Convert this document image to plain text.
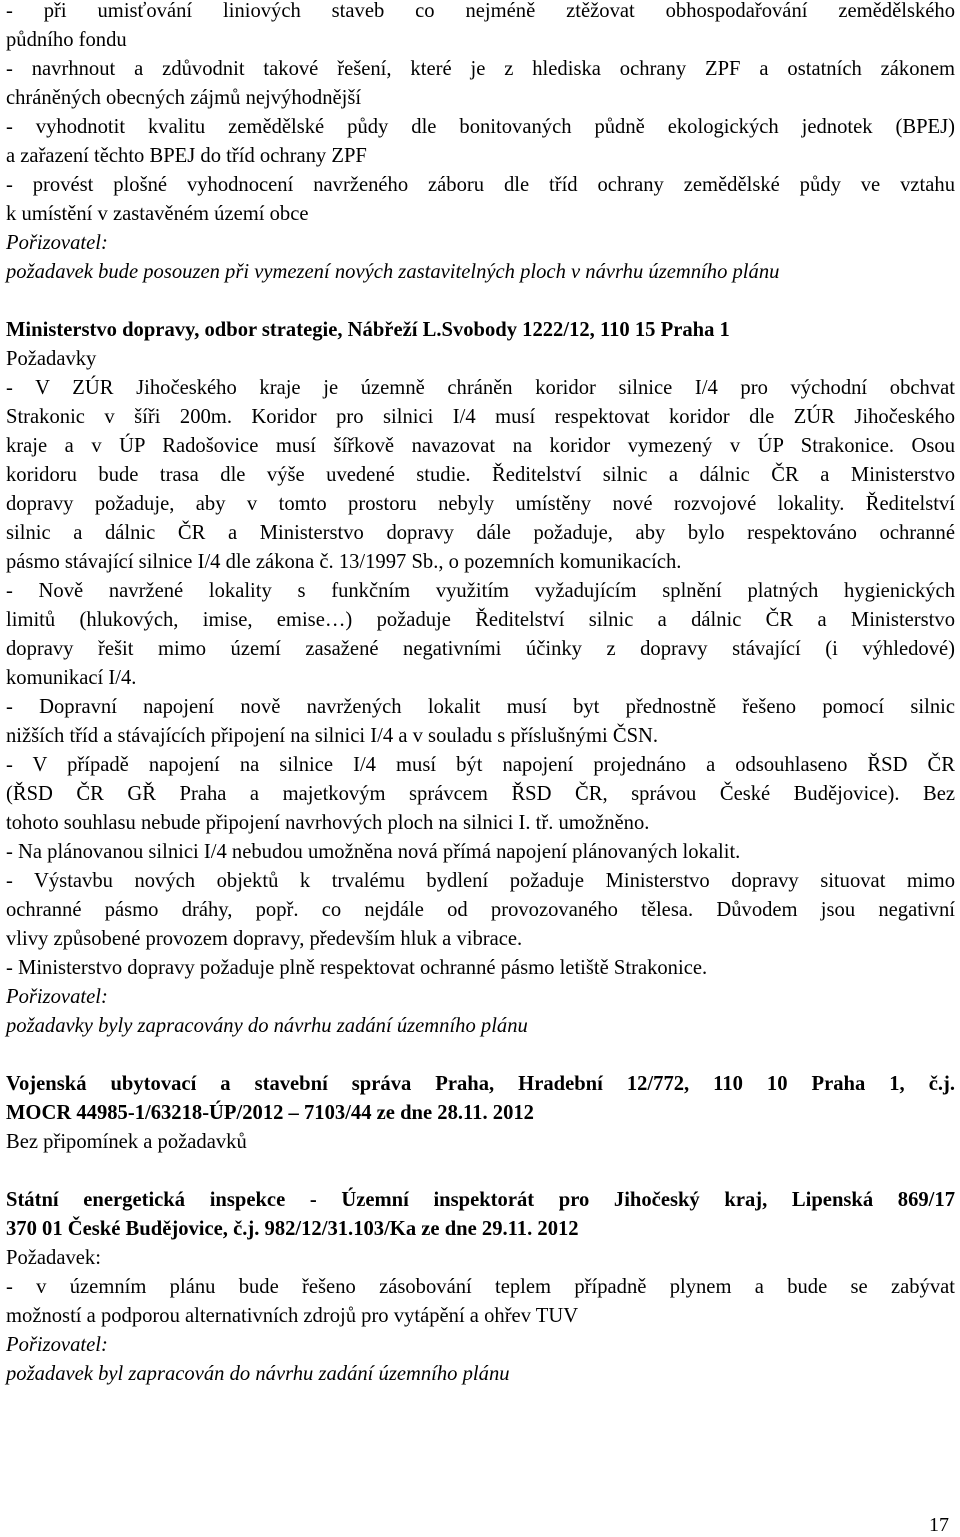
- při umisťování liniových staveb co nejméně ztěžovat obhospodařování zemědělského
půdního fondu
- navrhnout a zdůvodnit takové řešení, které je z hlediska ochrany ZPF a ostatních zákonem
chráněných obecných zájmů nejvýhodnější
- vyhodnotit kvalitu zemědělské půdy dle bonitovaných půdně ekologických jednotek (BPEJ)
a zařazení těchto BPEJ do tříd ochrany ZPF
- provést plošné vyhodnocení navrženého záboru dle tříd ochrany zemědělské půdy ve vztahu
k umístění v zastavěném území obce
Pořizovatel:
požadavek bude posouzen při vymezení nových zastavitelných ploch v návrhu územního plánu
Ministerstvo dopravy, odbor strategie, Nábřeží L.Svobody 1222/12, 110 15 Praha 1
Požadavky
- V ZÚR Jihočeského kraje je územně chráněn koridor silnice I/4 pro východní obchvat
Strakonic v šíři 200m. Koridor pro silnici I/4 musí respektovat koridor dle ZÚR Jihočeského
kraje a v ÚP Radošovice musí šířkově navazovat na koridor vymezený v ÚP Strakonice. Osou
koridoru bude trasa dle výše uvedené studie. Ředitelství silnic a dálnic ČR a Ministerstvo
dopravy požaduje, aby v tomto prostoru nebyly umístěny nové rozvojové lokality. Ředitelství
silnic a dálnic ČR a Ministerstvo dopravy dále požaduje, aby bylo respektováno ochranné
pásmo stávající silnice I/4 dle zákona č. 13/1997 Sb., o pozemních komunikacích.
- Nově navržené lokality s funkčním využitím vyžadujícím splnění platných hygienických
limitů (hlukových, imise, emise…) požaduje Ředitelství silnic a dálnic ČR a Ministerstvo
dopravy řešit mimo území zasažené negativními účinky z dopravy stávající (i výhledové)
komunikací I/4.
- Dopravní napojení nově navržených lokalit musí byt přednostně řešeno pomocí silnic
nižších tříd a stávajících připojení na silnici I/4 a v souladu s příslušnými ČSN.
- V případě napojení na silnice I/4 musí být napojení projednáno a odsouhlaseno ŘSD ČR
(ŘSD ČR GŘ Praha a majetkovým správcem ŘSD ČR, správou České Budějovice). Bez
tohoto souhlasu nebude připojení navrhových ploch na silnici I. tř. umožněno.
- Na plánovanou silnici I/4 nebudou umožněna nová přímá napojení plánovaných lokalit.
- Výstavbu nových objektů k trvalému bydlení požaduje Ministerstvo dopravy situovat mimo
ochranné pásmo dráhy, popř. co nejdále od provozovaného tělesa. Důvodem jsou negativní
vlivy způsobené provozem dopravy, především hluk a vibrace.
- Ministerstvo dopravy požaduje plně respektovat ochranné pásmo letiště Strakonice.
Pořizovatel:
požadavky byly zapracovány do návrhu zadání územního plánu
Vojenská ubytovací a stavební správa Praha, Hradební 12/772, 110 10 Praha 1, č.j.
MOCR 44985-1/63218-ÚP/2012 – 7103/44 ze dne 28.11. 2012
Bez připomínek a požadavků
Státní energetická inspekce - Územní inspektorát pro Jihočeský kraj, Lipenská 869/17
370 01 České Budějovice, č.j. 982/12/31.103/Ka ze dne 29.11. 2012
Požadavek:
- v územním plánu bude řešeno zásobování teplem případně plynem a bude se zabývat
možností a podporou alternativních zdrojů pro vytápění a ohřev TUV
Pořizovatel:
požadavek byl zapracován do návrhu zadání územního plánu
17
